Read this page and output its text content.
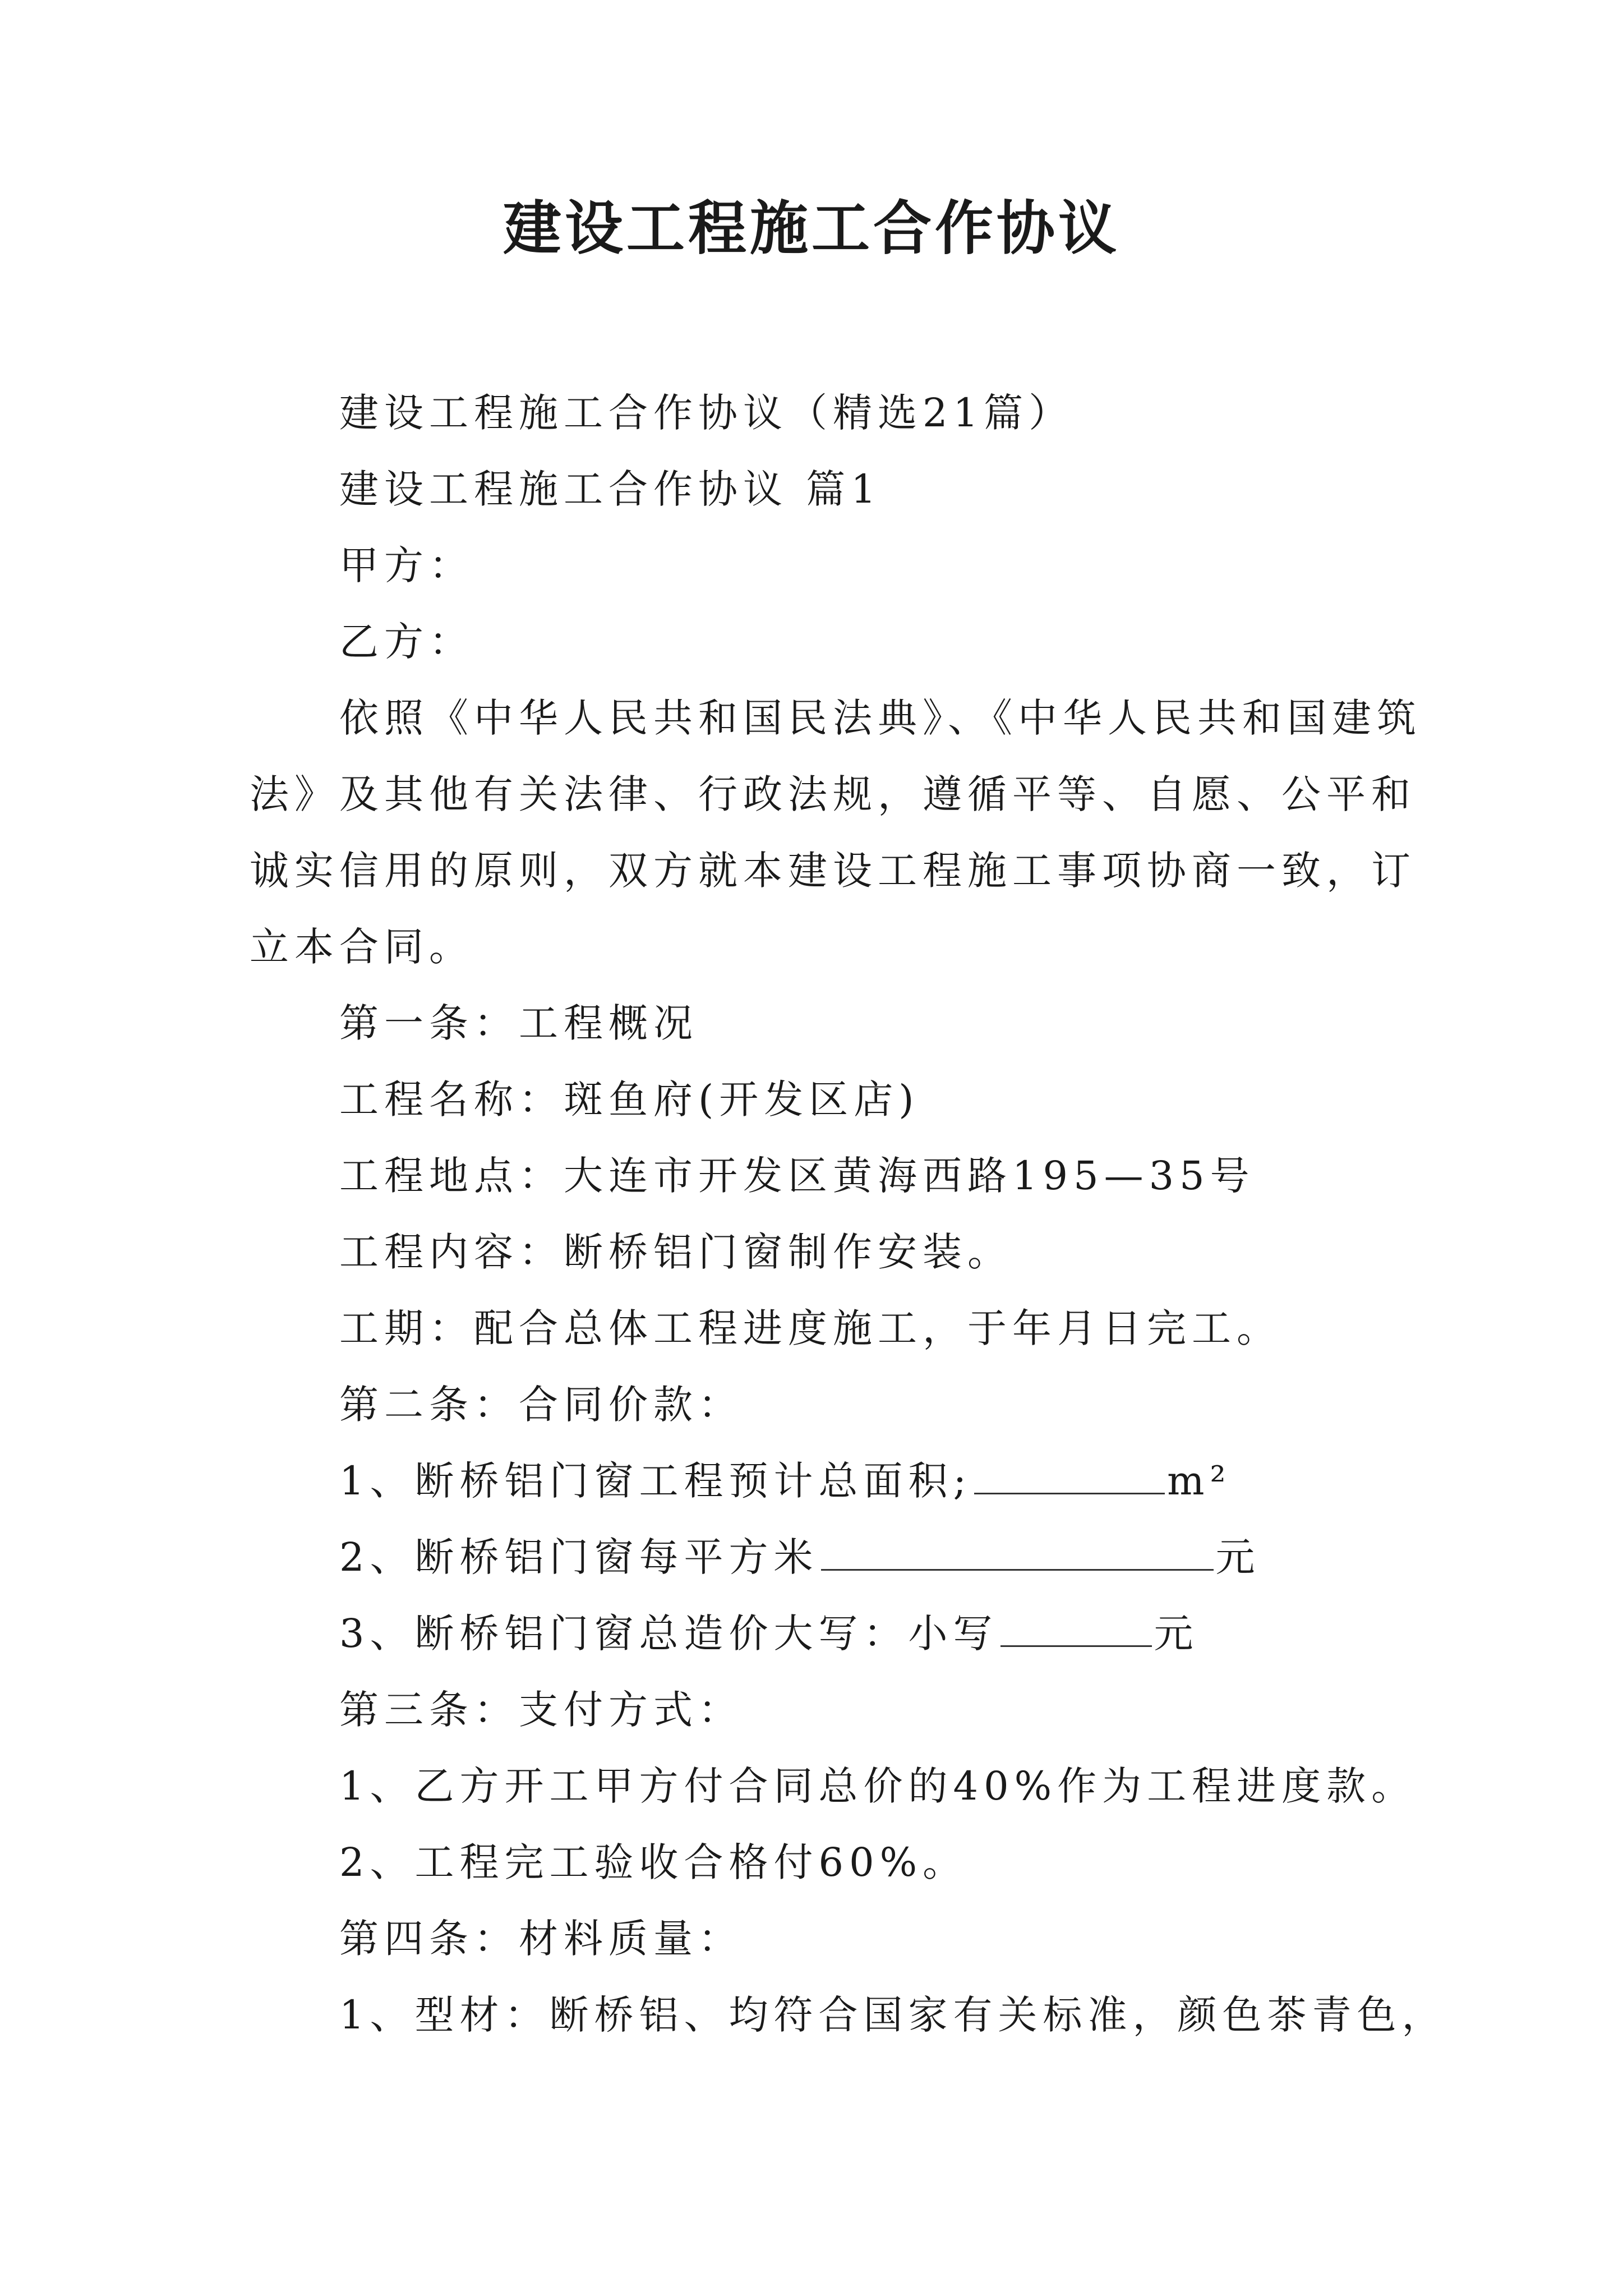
建设工程施工合作协议
建设工程施工合作协议（精选21篇）
建设工程施工合作协议 篇1
甲方：
乙方：
依照《中华人民共和国民法典》、《中华人民共和国建筑
法》及其他有关法律、行政法规，遵循平等、自愿、公平和
诚实信用的原则，双方就本建设工程施工事项协商一致，订
立本合同。
第一条：工程概况
工程名称：斑鱼府(开发区店)
工程地点：大连市开发区黄海西路195—35号
工程内容：断桥铝门窗制作安装。
工期：配合总体工程进度施工，于年月日完工。
第二条：合同价款：
1、断桥铝门窗工程预计总面积;	m²
2、断桥铝门窗每平方米	元
3、断桥铝门窗总造价大写：小写	元
第三条：支付方式：
1、乙方开工甲方付合同总价的40%作为工程进度款。
2、工程完工验收合格付60%。
第四条：材料质量：
1、型材：断桥铝、均符合国家有关标准，颜色茶青色，
